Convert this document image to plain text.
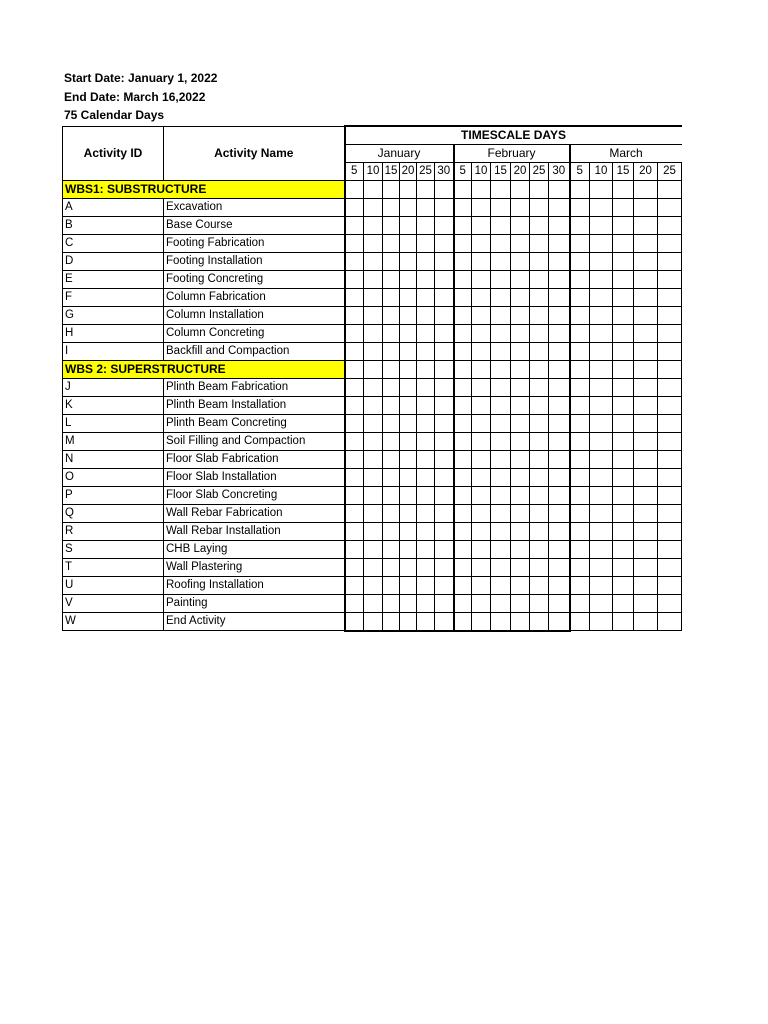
Start Date: January 1, 2022
End Date: March 16,2022
75 Calendar Days
Activity ID	Activity Name	TIMESCALE DAYS																
		January						February						March				
		5	10	15	20	25	30	5	10	15	20	25	30	5	10	15	20	25
WBS1: SUBSTRUCTURE																		
A	Excavation																	
B	Base Course																	
C	Footing Fabrication																	
D	Footing Installation																	
E	Footing Concreting																	
F	Column Fabrication																	
G	Column Installation																	
H	Column Concreting																	
I	Backfill and Compaction																	
WBS 2: SUPERSTRUCTURE																		
J	Plinth Beam Fabrication																	
K	Plinth Beam Installation																	
L	Plinth Beam Concreting																	
M	Soil Filling and Compaction																	
N	Floor Slab Fabrication																	
O	Floor Slab Installation																	
P	Floor Slab Concreting																	
Q	Wall Rebar Fabrication																	
R	Wall Rebar Installation																	
S	CHB Laying																	
T	Wall Plastering																	
U	Roofing Installation																	
V	Painting																	
W	End Activity																	
